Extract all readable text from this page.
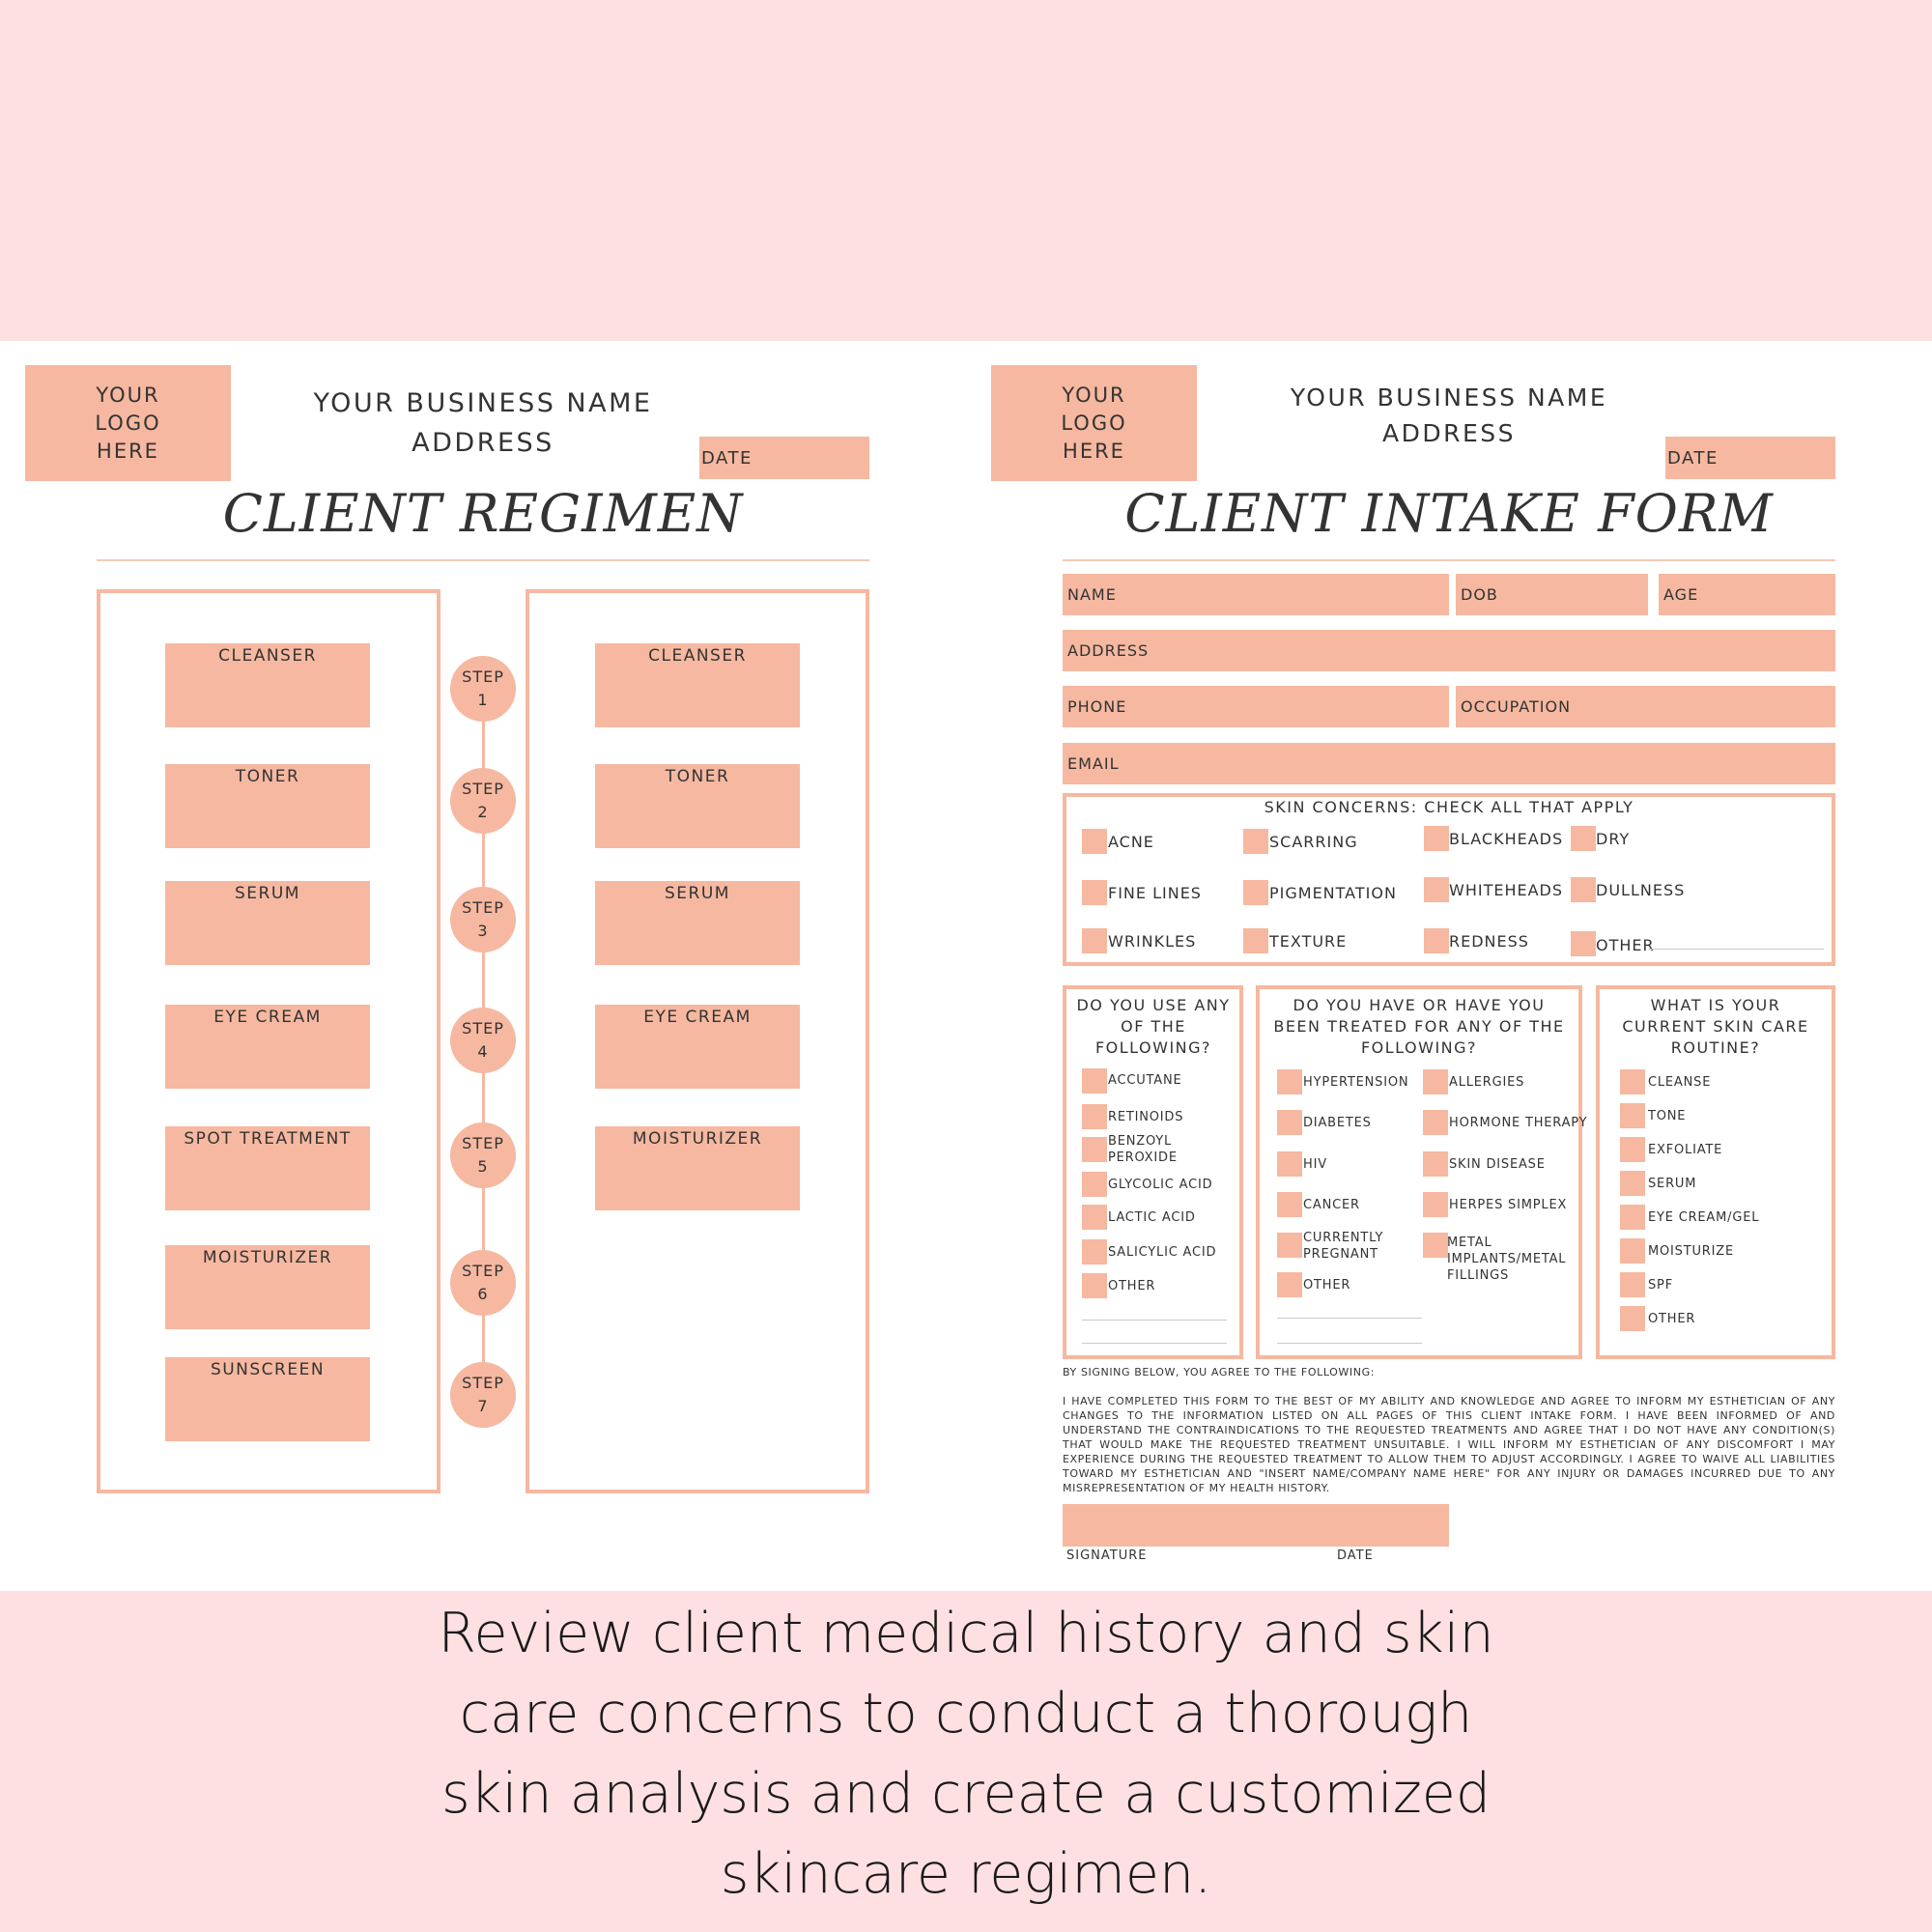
YOUR
LOGO
HERE
YOUR BUSINESS NAME
ADDRESS
DATE
CLIENT REGIMEN
CLEANSER
TONER
SERUM
EYE CREAM
SPOT TREATMENT
MOISTURIZER
SUNSCREEN
STEP
1
STEP
2
STEP
3
STEP
4
STEP
5
STEP
6
STEP
7
CLEANSER
TONER
SERUM
EYE CREAM
MOISTURIZER
YOUR
LOGO
HERE
YOUR BUSINESS NAME
ADDRESS
DATE
CLIENT INTAKE FORM
NAME	DOB	AGE
ADDRESS
PHONE	OCCUPATION
EMAIL
SKIN CONCERNS: CHECK ALL THAT APPLY
ACNE
FINE LINES
WRINKLES
SCARRING
PIGMENTATION
TEXTURE
BLACKHEADS
WHITEHEADS
REDNESS
DRY
DULLNESS
OTHER
DO YOU USE ANY OF THE FOLLOWING?
ACCUTANE
RETINOIDS
BENZOYL PEROXIDE
GLYCOLIC ACID
LACTIC ACID
SALICYLIC ACID
OTHER
DO YOU HAVE OR HAVE YOU BEEN TREATED FOR ANY OF THE FOLLOWING?
HYPERTENSION
DIABETES
HIV
CANCER
CURRENTLY PREGNANT
OTHER
ALLERGIES
HORMONE THERAPY
SKIN DISEASE
HERPES SIMPLEX
METAL IMPLANTS/METAL FILLINGS
WHAT IS YOUR CURRENT SKIN CARE ROUTINE?
CLEANSE
TONE
EXFOLIATE
SERUM
EYE CREAM/GEL
MOISTURIZE
SPF
OTHER
BY SIGNING BELOW, YOU AGREE TO THE FOLLOWING:
I HAVE COMPLETED THIS FORM TO THE BEST OF MY ABILITY AND KNOWLEDGE AND AGREE TO INFORM MY ESTHETICIAN OF ANY CHANGES TO THE INFORMATION LISTED ON ALL PAGES OF THIS CLIENT INTAKE FORM. I HAVE BEEN INFORMED OF AND UNDERSTAND THE CONTRAINDICATIONS TO THE REQUESTED TREATMENTS AND AGREE THAT I DO NOT HAVE ANY CONDITION(S) THAT WOULD MAKE THE REQUESTED TREATMENT UNSUITABLE. I WILL INFORM MY ESTHETICIAN OF ANY DISCOMFORT I MAY EXPERIENCE DURING THE REQUESTED TREATMENT TO ALLOW THEM TO ADJUST ACCORDINGLY. I AGREE TO WAIVE ALL LIABILITIES TOWARD MY ESTHETICIAN AND "INSERT NAME/COMPANY NAME HERE" FOR ANY INJURY OR DAMAGES INCURRED DUE TO ANY MISREPRESENTATION OF MY HEALTH HISTORY.
SIGNATURE	DATE
Review client medical history and skin care concerns to conduct a thorough skin analysis and create a customized skincare regimen.
